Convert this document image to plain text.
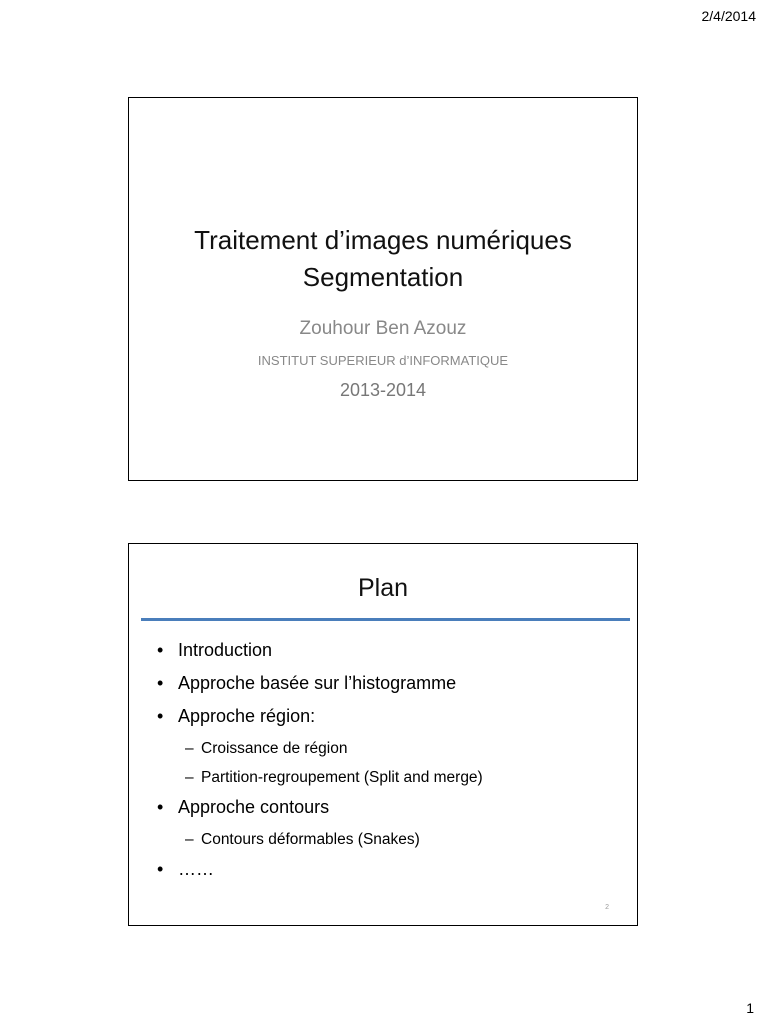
2/4/2014
Traitement d’images numériques
Segmentation
Zouhour Ben Azouz
INSTITUT SUPERIEUR d’INFORMATIQUE
2013-2014
Plan
• Introduction
• Approche basée sur l’histogramme
• Approche région:
– Croissance de région
– Partition-regroupement (Split and merge)
• Approche contours
– Contours déformables (Snakes)
• ……
2
1
